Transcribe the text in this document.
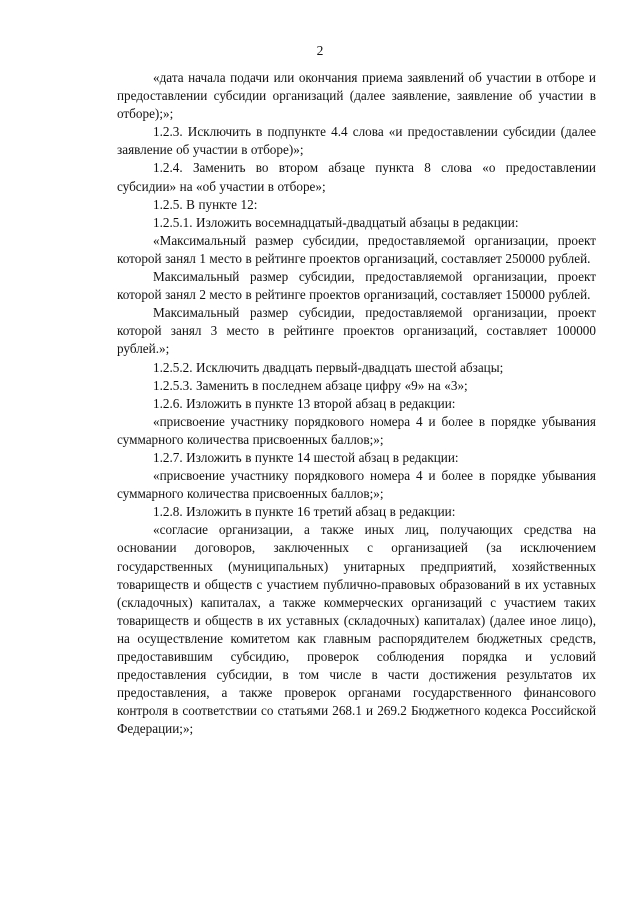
2

«дата начала подачи или окончания приема заявлений об участии в отборе и предоставлении субсидии организаций (далее заявление, заявление об участии в отборе);»;

1.2.3. Исключить в подпункте 4.4 слова «и предоставлении субсидии (далее заявление об участии в отборе)»;

1.2.4. Заменить во втором абзаце пункта 8 слова «о предоставлении субсидии» на «об участии в отборе»;

1.2.5. В пункте 12:

1.2.5.1. Изложить восемнадцатый-двадцатый абзацы в редакции:

«Максимальный размер субсидии, предоставляемой организации, проект которой занял 1 место в рейтинге проектов организаций, составляет 250000 рублей.

Максимальный размер субсидии, предоставляемой организации, проект которой занял 2 место в рейтинге проектов организаций, составляет 150000 рублей.

Максимальный размер субсидии, предоставляемой организации, проект которой занял 3 место в рейтинге проектов организаций, составляет 100000 рублей.»;

1.2.5.2. Исключить двадцать первый-двадцать шестой абзацы;

1.2.5.3. Заменить в последнем абзаце цифру «9» на «3»;

1.2.6. Изложить в пункте 13 второй абзац в редакции:

«присвоение участнику порядкового номера 4 и более в порядке убывания суммарного количества присвоенных баллов;»;

1.2.7. Изложить в пункте 14 шестой абзац в редакции:

«присвоение участнику порядкового номера 4 и более в порядке убывания суммарного количества присвоенных баллов;»;

1.2.8. Изложить в пункте 16 третий абзац в редакции:

«согласие организации, а также иных лиц, получающих средства на основании договоров, заключенных с организацией (за исключением государственных (муниципальных) унитарных предприятий, хозяйственных товариществ и обществ с участием публично-правовых образований в их уставных (складочных) капиталах, а также коммерческих организаций с участием таких товариществ и обществ в их уставных (складочных) капиталах) (далее иное лицо), на осуществление комитетом как главным распорядителем бюджетных средств, предоставившим субсидию, проверок соблюдения порядка и условий предоставления субсидии, в том числе в части достижения результатов их предоставления, а также проверок органами государственного финансового контроля в соответствии со статьями 268.1 и 269.2 Бюджетного кодекса Российской Федерации;»;
